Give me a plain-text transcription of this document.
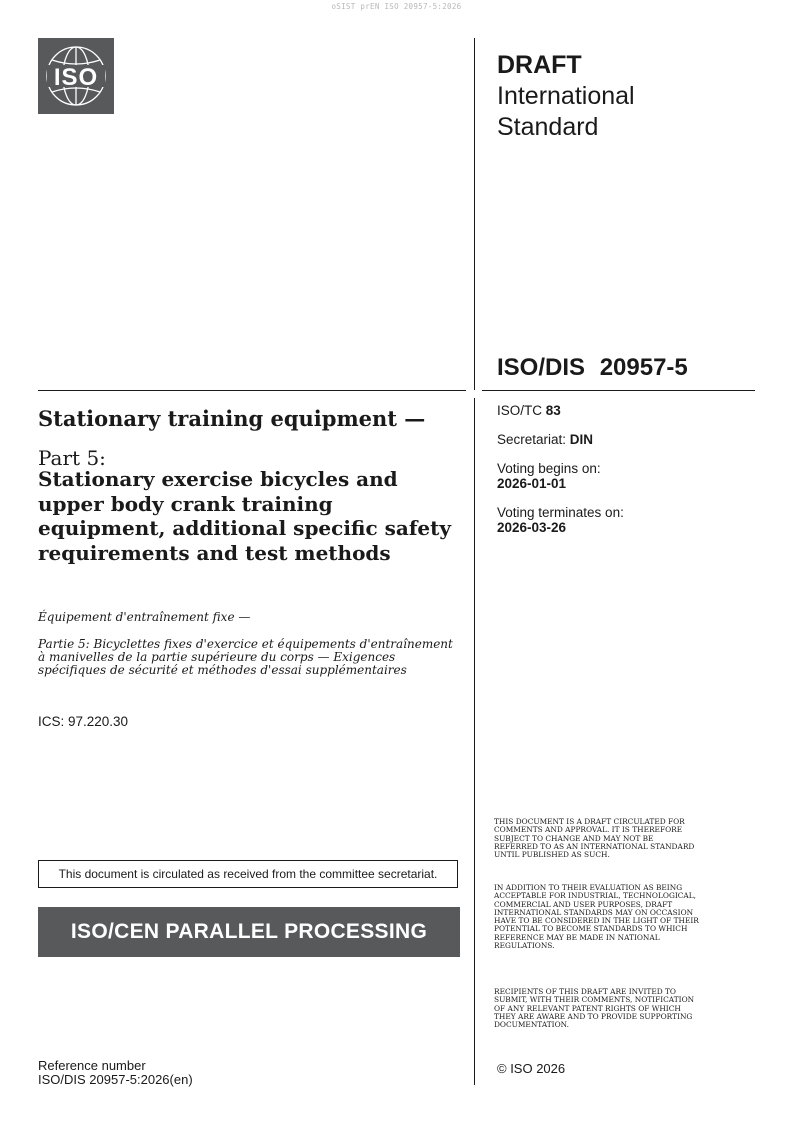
oSIST prEN ISO 20957-5:2026
ISO	DRAFT
International
Standard
ISO/DIS 20957-5
ISO/TC 83
Secretariat: DIN
Voting begins on:
2026-01-01
Voting terminates on:
2026-03-26
Stationary training equipment —
Part 5:
Stationary exercise bicycles and upper body crank training equipment, additional specific safety requirements and test methods
Équipement d'entraînement fixe —
Partie 5: Bicyclettes fixes d'exercice et équipements d'entraînement à manivelles de la partie supérieure du corps — Exigences spécifiques de sécurité et méthodes d'essai supplémentaires
ICS: 97.220.30
This document is circulated as received from the committee secretariat.
ISO/CEN PARALLEL PROCESSING
Reference number
ISO/DIS 20957-5:2026(en)
THIS DOCUMENT IS A DRAFT CIRCULATED FOR COMMENTS AND APPROVAL. IT IS THEREFORE SUBJECT TO CHANGE AND MAY NOT BE REFERRED TO AS AN INTERNATIONAL STANDARD UNTIL PUBLISHED AS SUCH.
IN ADDITION TO THEIR EVALUATION AS BEING ACCEPTABLE FOR INDUSTRIAL, TECHNOLOGICAL, COMMERCIAL AND USER PURPOSES, DRAFT INTERNATIONAL STANDARDS MAY ON OCCASION HAVE TO BE CONSIDERED IN THE LIGHT OF THEIR POTENTIAL TO BECOME STANDARDS TO WHICH REFERENCE MAY BE MADE IN NATIONAL REGULATIONS.
RECIPIENTS OF THIS DRAFT ARE INVITED TO SUBMIT, WITH THEIR COMMENTS, NOTIFICATION OF ANY RELEVANT PATENT RIGHTS OF WHICH THEY ARE AWARE AND TO PROVIDE SUPPORTING DOCUMENTATION.
© ISO 2026
